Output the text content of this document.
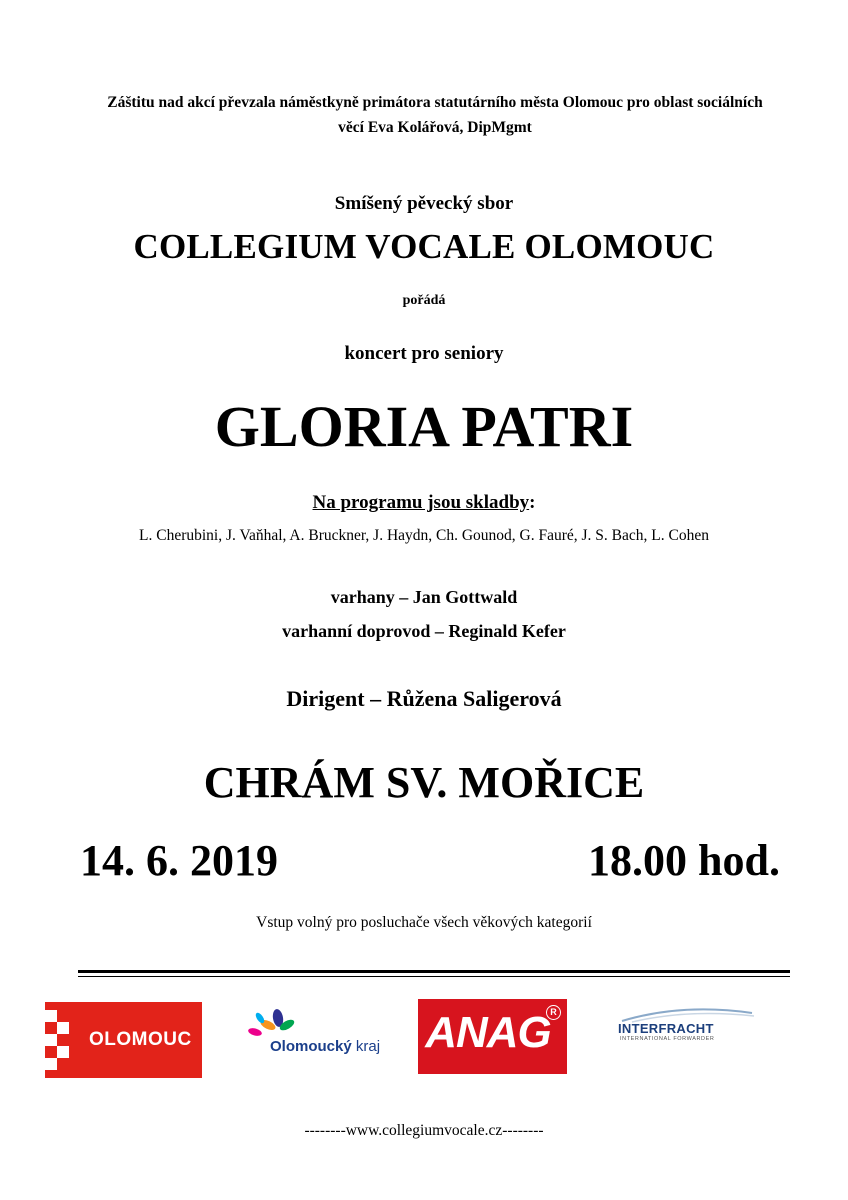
Záštitu nad akcí převzala náměstkyně primátora statutárního města Olomouc pro oblast sociálních věcí Eva Kolářová, DipMgmt
Smíšený pěvecký sbor
COLLEGIUM VOCALE OLOMOUC
pořádá
koncert pro seniory
GLORIA PATRI
Na programu jsou skladby:
L. Cherubini, J. Vaňhal, A. Bruckner, J. Haydn, Ch. Gounod, G. Fauré, J. S. Bach, L. Cohen
varhany – Jan Gottwald
varhanní doprovod – Reginald Kefer
Dirigent – Růžena Saligerová
CHRÁM SV. MOŘICE
14. 6. 2019	18.00 hod.
Vstup volný pro posluchače všech věkových kategorií
OLOMOUC	Olomoucký kraj ANAG R
INTERFRACHT
INTERNATIONAL FORWARDER
--------www.collegiumvocale.cz--------
